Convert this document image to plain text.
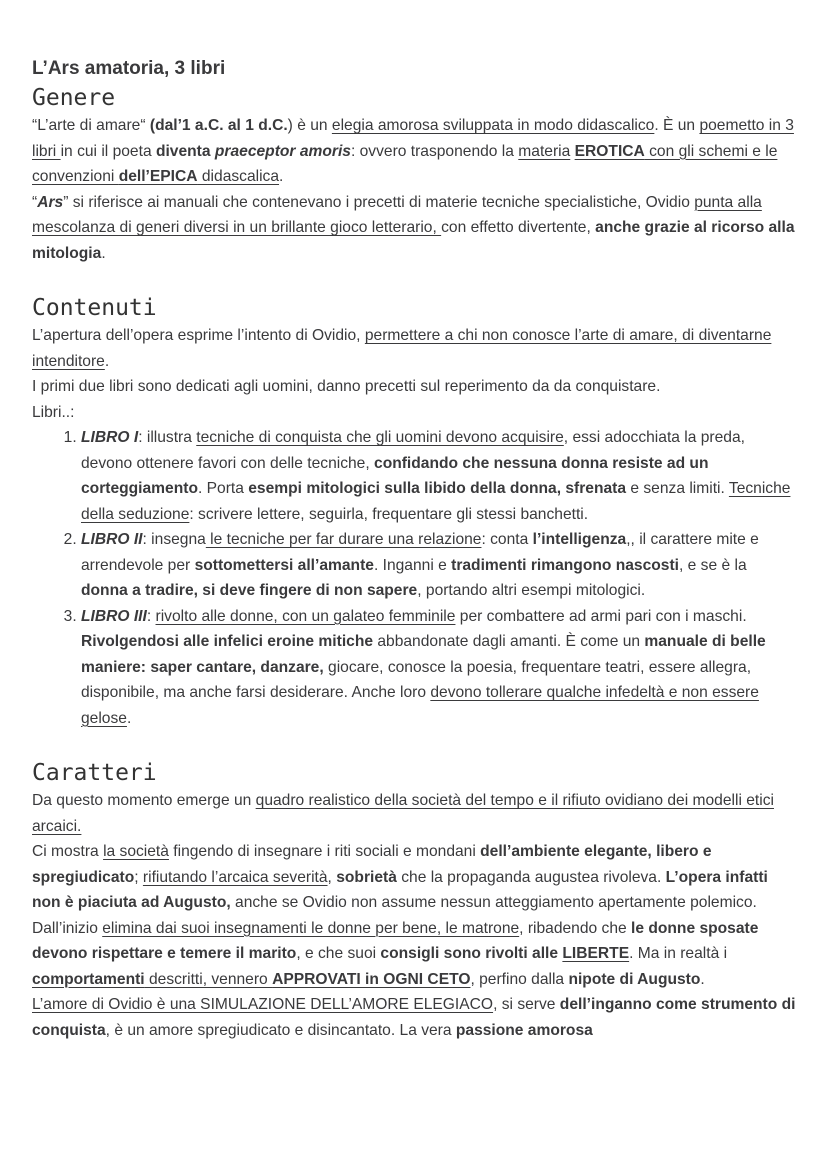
L’Ars amatoria, 3 libri
Genere

“L’arte di amare“ (dal’1 a.C. al 1 d.C.) è un elegia amorosa sviluppata in modo didascalico. È un poemetto in 3 libri in cui il poeta diventa praeceptor amoris: ovvero trasponendo la materia EROTICA con gli schemi e le convenzioni dell’EPICA didascalica.

“Ars” si riferisce ai manuali che contenevano i precetti di materie tecniche specialistiche, Ovidio punta alla mescolanza di generi diversi in un brillante gioco letterario, con effetto divertente, anche grazie al ricorso alla mitologia.

Contenuti

L’apertura dell’opera esprime l’intento di Ovidio, permettere a chi non conosce l’arte di amare, di diventarne intenditore.

I primi due libri sono dedicati agli uomini, danno precetti sul reperimento da da conquistare.

Libri..:

1. LIBRO I: illustra tecniche di conquista che gli uomini devono acquisire, essi adocchiata la preda, devono ottenere favori con delle tecniche, confidando che nessuna donna resiste ad un corteggiamento. Porta esempi mitologici sulla libido della donna, sfrenata e senza limiti. Tecniche della seduzione: scrivere lettere, seguirla, frequentare gli stessi banchetti.
2. LIBRO II: insegna le tecniche per far durare una relazione: conta l’intelligenza,, il carattere mite e arrendevole per sottomettersi all’amante. Inganni e tradimenti rimangono nascosti, e se è la donna a tradire, si deve fingere di non sapere, portando altri esempi mitologici.
3. LIBRO III: rivolto alle donne, con un galateo femminile per combattere ad armi pari con i maschi. Rivolgendosi alle infelici eroine mitiche abbandonate dagli amanti. È come un manuale di belle maniere: saper cantare, danzare, giocare, conosce la poesia, frequentare teatri, essere allegra, disponibile, ma anche farsi desiderare. Anche loro devono tollerare qualche infedeltà e non essere gelose.
Caratteri

Da questo momento emerge un quadro realistico della società del tempo e il rifiuto ovidiano dei modelli etici arcaici.

Ci mostra la società fingendo di insegnare i riti sociali e mondani dell’ambiente elegante, libero e spregiudicato; rifiutando l’arcaica severità, sobrietà che la propaganda augustea rivoleva. L’opera infatti non è piaciuta ad Augusto, anche se Ovidio non assume nessun atteggiamento apertamente polemico. Dall’inizio elimina dai suoi insegnamenti le donne per bene, le matrone, ribadendo che le donne sposate devono rispettare e temere il marito, e che suoi consigli sono rivolti alle LIBERTE. Ma in realtà i comportamenti descritti, vennero APPROVATI in OGNI CETO, perfino dalla nipote di Augusto.

L’amore di Ovidio è una SIMULAZIONE DELL’AMORE ELEGIACO, si serve dell’inganno come strumento di conquista, è un amore spregiudicato e disincantato. La vera passione amorosa
